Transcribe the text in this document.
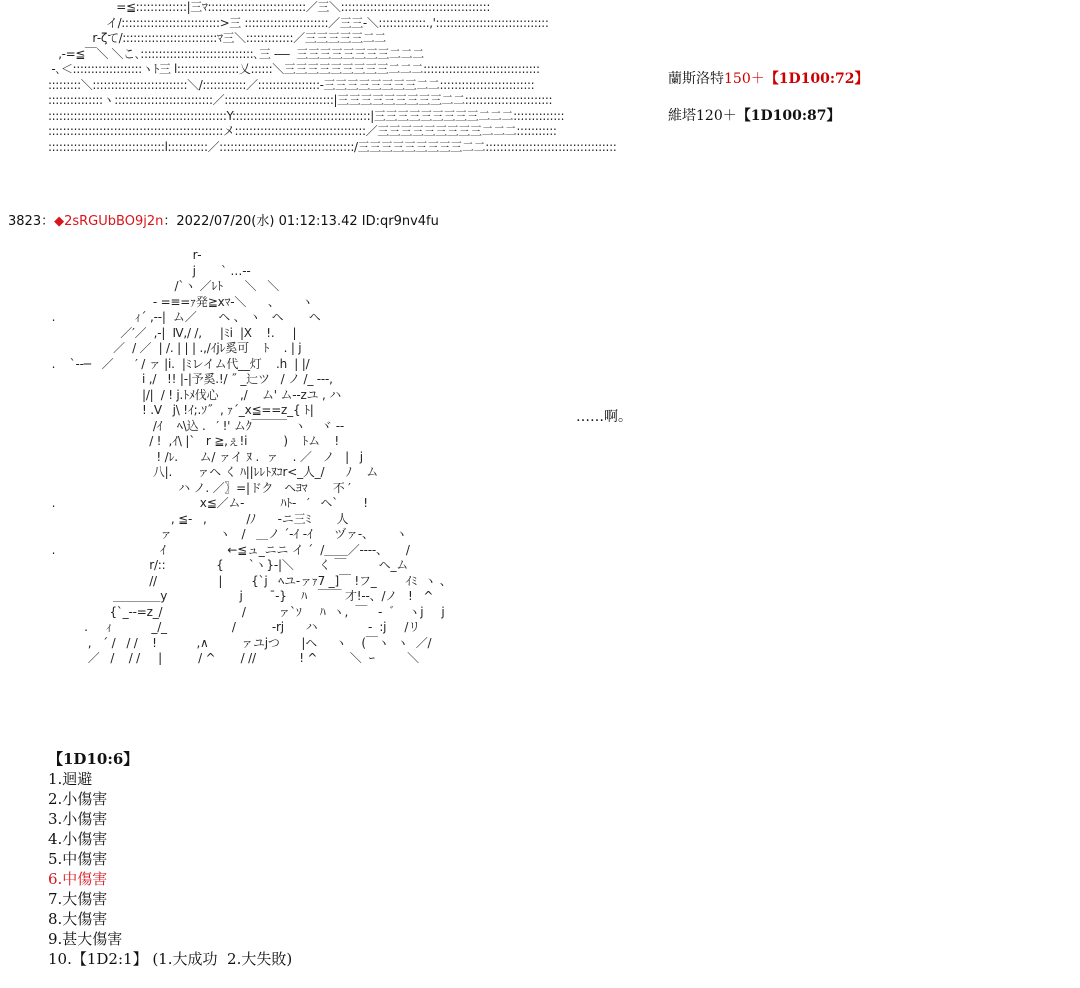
=≦::::::::::::::|三ﾏ:::::::::::::::::::::::::::／三＼:::::::::::::::::::::::::::::::::::::::::
イ/:::::::::::::::::::::::::::>三 :::::::::::::::::::::::／三三-＼:::::::::::::.,':::::::::::::::::::::::::::::::
r‐ζて/::::::::::::::::::::::::::ﾏ三＼:::::::::::::／三三三三三二二
,-=≦￣＼ ＼こ､:::::::::::::::::::::::::::::::､三 -―  三三三三三三三三二二二
-､＜:::::::::::::::::::ヽﾄ三 l:::::::::::::::::乂::::::＼三三三三三三三三三二二二::::::::::::::::::::::::::::::::
:::::::::＼::::::::::::::::::::::::::＼/::::::::::::／:::::::::::::::::-三三三三三三三三二二::::::::::::::::::::::::::
:::::::::::::::ヽ:::::::::::::::::::::::::::／::::::::::::::::::::::::::::::|三三三三三三三三三二二::::::::::::::::::::::::
:::::::::::::::::::::::::::::::::::::::::::::::::Y::::::::::::::::::::::::::::::::::::::|三三三三三三三三三二二二::::::::::::::
::::::::::::::::::::::::::::::::::::::::::::::::メ::::::::::::::::::::::::::::::::::::／三三三三三三三三三二二二:::::::::::
::::::::::::::::::::::::::::::::l:::::::::::／:::::::::::::::::::::::::::::::::::::/三三三三三三三三三二二::::::::::::::::::::::::::::::::::::
蘭斯洛特150＋【1D100:72】
維塔120＋【1D100:87】
3823：◆2sRGUbBO9j2n：2022/07/20(水) 01:12:13.42 ID:qr9nv4fu
r‐
j       ` …--
/`ヽ ／ﾚﾄ      ＼   ＼
- =≡=ｧ発≧xﾏ-＼      、      ヽ
.                      ｨ´ ,--|  ム／      ヘ 、 ヽ   ヘ       ヘ
／′／  ,-|  Ⅳ,/ /,     |ﾐi  |X    !.     |
／  / ／  | /. | | | .,/ｲjﾚ奚可    ﾄ    . | j
.    `‐-─   ／      ′ / ァ |i.  |ﾐレイム代__灯    .h  | |/
i ,/   !! |-|予奚.!/ ˝ _辷ツ   / ノ /_ ‐--,
|/|  / ! j.ﾄﾒ伐心      ,/    ム' ム--zユ , ハ
! .V   j\ !ｲ;.ｿ˝  , ｧ´_x≦==z_{ ﾄ|
/ｲ    ﾍ\込 .   ′ !' ムｸ￣￣￣  ヽ    ヾ ‐-
/ !  ,ｲ\ |`   r ≧,ぇ!i          )    ﾄム    !
! /ﾚ.      ム/ ァイ ﾇ .  ァ    . ／   ノ   |   j
八|.       ァヘ く ﾊ||ﾚﾚﾄﾇｺr<_人_/      ﾉ    ム
ハ ノ. ／〗=|ドク   ヘﾖﾏ       不 ′
.                                        x≦／ム-          ﾊﾄ-   ′   ヘ`       !
, ≦-   ,           /ﾉ      -ニ三ﾐ       人
ァ             ヽ   /   ＿ノ ´‐ｲ -ｲ      ヅァ-、      ヽ
.                             ｲ                 ←≦ュ_ニニ イ ´  /＿＿／‐---、     /
r/::              {       `ヽ}-|＼       く ￣         ヘ_ム
//                 |        {`j   ﾍユ‐ァｧ7 _]￣ !フ_        ｲﾐ  ヽ 、
＿＿＿＿y                    j         ̄-}    ﾊ   ￣￣ 才!‐‐、/ノ   !   ^
{`_--=z_/                      /         ァ`ｿ     ﾊ  ヽ,  ￣   -  ゛  ヽj     j
.     ｨ           _/_                  /          ‐rj      ハ              -  :j     /リ
,   ´ /   / /    !           ,∧         ァユjつ      |ヘ     ヽ    (￣ヽ  ヽ  ／/
／   /    / /     |          / ^       / //            ! ^         ＼  ｰ         ＼
……啊。
【1D10:6】
1.迴避
2.小傷害
3.小傷害
4.小傷害
5.中傷害
6.中傷害
7.大傷害
8.大傷害
9.甚大傷害
10.【1D2:1】 (1.大成功  2.大失敗)
